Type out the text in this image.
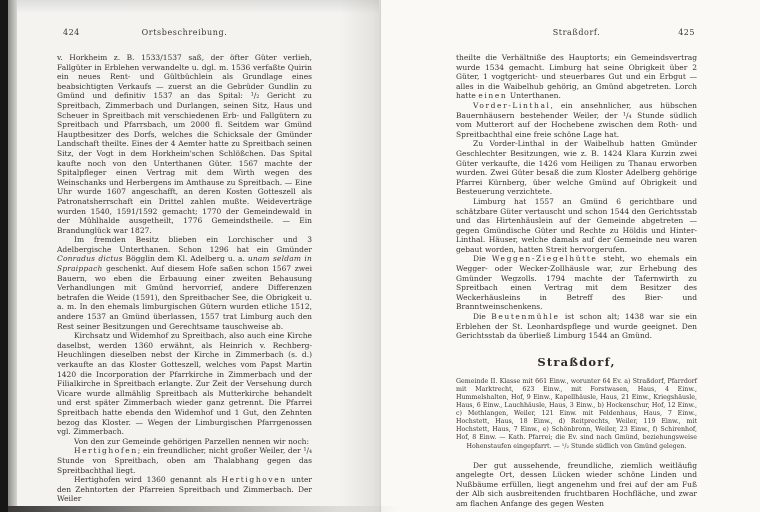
424	Ortsbeschreibung.

v. Horkheim z. B. 1533/1537 saß, der öfter Güter verlieh, Fallgüter in Erblehen verwandelte u. dgl. m. 1536 verfaßte Quirin ein neues Rent- und Gültbüchlein als Grundlage eines beabsichtigten Verkaufs — zuerst an die Gebrüder Gundlin zu Gmünd und definitiv 1537 an das Spital: ¹/₂ Gericht zu Spreitbach, Zimmerbach und Durlangen, seinen Sitz, Haus und Scheuer in Spreitbach mit verschiedenen Erb- und Fallgütern zu Spreitbach und Pfarrsbach, um 2000 fl. Seitdem war Gmünd Hauptbesitzer des Dorfs, welches die Schicksale der Gmünder Landschaft theilte. Eines der 4 Aemter hatte zu Spreitbach seinen Sitz, der Vogt in dem Horkheim'schen Schlößchen. Das Spital kaufte noch von den Unterthanen Güter. 1567 machte der Spitalpfleger einen Vertrag mit dem Wirth wegen des Weinschanks und Herbergens im Amthause zu Spreitbach. — Eine Uhr wurde 1607 angeschafft, an deren Kosten Gotteszell als Patronatsherrschaft ein Drittel zahlen mußte. Weideverträge wurden 1540, 1591/1592 gemacht; 1770 der Gemeindewald in der Mühlhalde ausgetheilt, 1776 Gemeindstheile. — Ein Brandunglück war 1827.

Im fremden Besitz blieben ein Lorchischer und 3 Adelbergische Unterthanen. Schon 1296 hat ein Gmünder Conradus dictus Bögglin dem Kl. Adelberg u. a. unam seldam in Spraippach geschenkt. Auf diesem Hofe saßen schon 1567 zwei Bauern, wo eben die Erbauung einer zweiten Behausung Verhandlungen mit Gmünd hervorrief, andere Differenzen betrafen die Weide (1591), den Spreitbacher See, die Obrigkeit u. a. m. In den ehemals limburgischen Gütern wurden etliche 1512, andere 1537 an Gmünd überlassen, 1557 trat Limburg auch den Rest seiner Besitzungen und Gerechtsame tauschweise ab.

Kirchsatz und Widemhof zu Spreitbach, also auch eine Kirche daselbst, werden 1360 erwähnt, als Heinrich v. Rechberg-Heuchlingen dieselben nebst der Kirche in Zimmerbach (s. d.) verkaufte an das Kloster Gotteszell, welches vom Papst Martin 1420 die Incorporation der Pfarrkirche in Zimmerbach und der Filialkirche in Spreitbach erlangte. Zur Zeit der Versehung durch Vicare wurde allmählig Spreitbach als Mutterkirche behandelt und erst später Zimmerbach wieder ganz getrennt. Die Pfarrei Spreitbach hatte ebenda den Widemhof und 1 Gut, den Zehnten bezog das Kloster. — Wegen der Limburgischen Pfarrgenossen vgl. Zimmerbach.

Von den zur Gemeinde gehörigen Parzellen nennen wir noch:

Hertighofen; ein freundlicher, nicht großer Weiler, der ¹/₄ Stunde von Spreitbach, oben am Thalabhang gegen das Spreitbachthal liegt.

Hertighofen wird 1360 genannt als Hertighoven unter den Zehntorten der Pfarreien Spreitbach und Zimmerbach. Der Weiler

Straßdorf.	425

theilte die Verhältniße des Hauptorts; ein Gemeindsvertrag wurde 1534 gemacht. Limburg hat seine Obrigkeit über 2 Güter, 1 vogtgericht- und steuerbares Gut und ein Erbgut — alles in die Waibelhub gehörig, an Gmünd abgetreten. Lorch hatte einen Unterthanen.

Vorder-Linthal, ein ansehnlicher, aus hübschen Bauernhäusern bestehender Weiler, der ¹/₄ Stunde südlich vom Mutterort auf der Hochebene zwischen dem Roth- und Spreitbachthal eine freie schöne Lage hat.

Zu Vorder-Linthal in der Waibelhub hatten Gmünder Geschlechter Besitzungen, wie z. B. 1424 Klara Kurzin zwei Güter verkaufte, die 1426 vom Heiligen zu Thanau erworben wurden. Zwei Güter besaß die zum Kloster Adelberg gehörige Pfarrei Kürnberg, über welche Gmünd auf Obrigkeit und Besteuerung verzichtete.

Limburg hat 1557 an Gmünd 6 gerichtbare und schätzbare Güter vertauscht und schon 1544 den Gerichtsstab und das Hirtenhäuslein auf der Gemeinde abgetreten — gegen Gmündische Güter und Rechte zu Höldis und Hinter-Linthal. Häuser, welche damals auf der Gemeinde neu waren gebaut worden, hatten Streit hervorgerufen.

Die Weggen-Ziegelhütte steht, wo ehemals ein Wegger- oder Wecker-Zollhäusle war, zur Erhebung des Gmünder Wegzolls. 1794 machte der Tafernwirth zu Spreitbach einen Vertrag mit dem Besitzer des Weckerhäusleins in Betreff des Bier- und Branntweinschenkens.

Die Beutenmühle ist schon alt; 1438 war sie ein Erblehen der St. Leonhardspflege und wurde geeignet. Den Gerichtsstab da überließ Limburg 1544 an Gmünd.

Straßdorf,
Gemeinde II. Klasse mit 661 Einw., worunter 64 Ev. a) Straßdorf, Pfarrdorf mit Marktrecht, 623 Einw., mit Forstwasen, Haus, 4 Einw., Hummelshalten, Hof, 9 Einw., Kapellhäusle, Haus, 21 Einw., Kriegshäusle, Haus, 6 Einw., Lauchhäusle, Haus, 3 Einw., b) Hockenschur, Hof, 12 Einw., c) Methlangen, Weiler, 121 Einw. mit Feldenhaus, Haus, 7 Einw., Hochstett, Haus, 18 Einw., d) Reitprechts, Weiler, 119 Einw., mit Hochstett, Haus, 7 Einw., e) Schönbronn, Weiler, 23 Einw., f) Schirenhof, Hof, 8 Einw. — Kath. Pfarrei; die Ev. sind nach Gmünd, beziehungsweise Hohenstaufen eingepfarrt. — ¹/₂ Stunde südlich von Gmünd gelegen.

Der gut aussehende, freundliche, ziemlich weitläufig angelegte Ort, dessen Lücken wieder schöne Linden und Nußbäume erfüllen, liegt angenehm und frei auf der am Fuß der Alb sich ausbreitenden fruchtbaren Hochfläche, und zwar am flachen Anfange des gegen Westen
